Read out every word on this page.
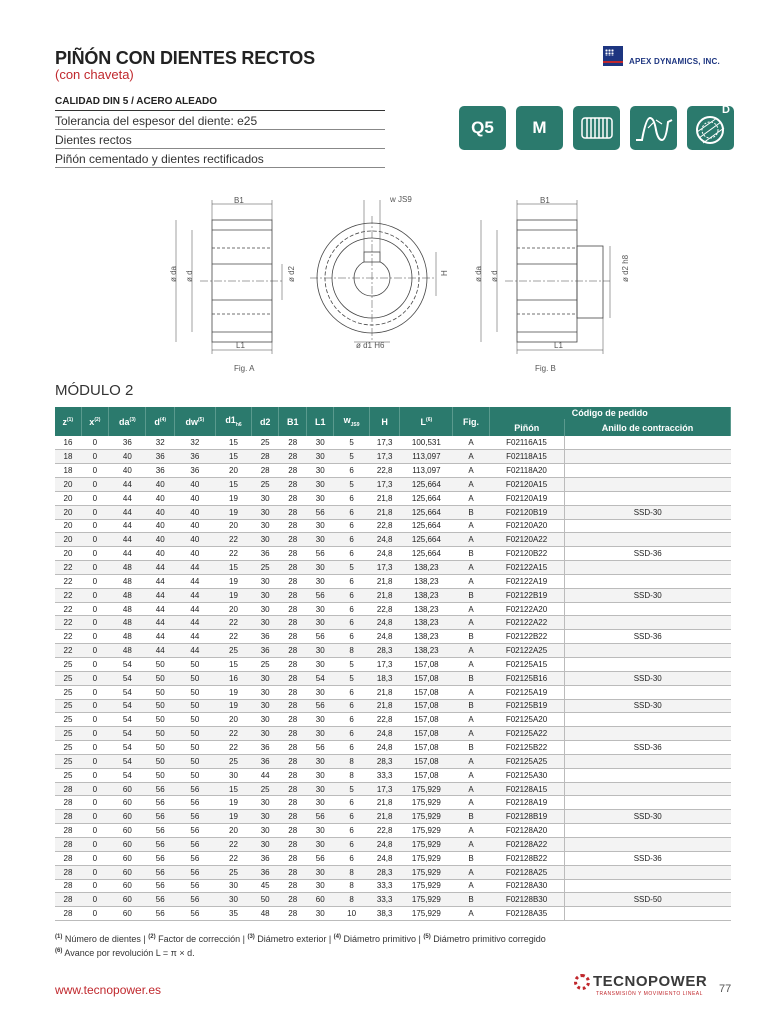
PIÑÓN CON DIENTES RECTOS
(con chaveta)
APEX DYNAMICS, INC.
CALIDAD DIN 5 / ACERO ALEADO
Tolerancia del espesor del diente: e25
Dientes rectos
Piñón cementado y dientes rectificados
Q5	M
D
B1
L1
ø da ø d	ø d2
Fig. A
w JS9
H
ø d1 H6
B1
L1
ø da ø d	ø d2 h8
Fig. B
MÓDULO 2
$z^{(1)}$	$x^{(2)}$	$da^{(3)}$	$d^{(4)}$	$dw^{(5)}$	$d1_{h6}$	d2	B1	L1	$w_{JS9}$	H	$L^{(6)}$	Fig.	Código de pedido	
													Piñón	Anillo de contracción
16	0	36	32	32	15	25	28	30	5	17,3	100,531	A	F02116A15	
18	0	40	36	36	15	28	28	30	5	17,3	113,097	A	F02118A15	
18	0	40	36	36	20	28	28	30	6	22,8	113,097	A	F02118A20	
20	0	44	40	40	15	25	28	30	5	17,3	125,664	A	F02120A15	
20	0	44	40	40	19	30	28	30	6	21,8	125,664	A	F02120A19	
20	0	44	40	40	19	30	28	56	6	21,8	125,664	B	F02120B19	SSD-30
20	0	44	40	40	20	30	28	30	6	22,8	125,664	A	F02120A20	
20	0	44	40	40	22	30	28	30	6	24,8	125,664	A	F02120A22	
20	0	44	40	40	22	36	28	56	6	24,8	125,664	B	F02120B22	SSD-36
22	0	48	44	44	15	25	28	30	5	17,3	138,23	A	F02122A15	
22	0	48	44	44	19	30	28	30	6	21,8	138,23	A	F02122A19	
22	0	48	44	44	19	30	28	56	6	21,8	138,23	B	F02122B19	SSD-30
22	0	48	44	44	20	30	28	30	6	22,8	138,23	A	F02122A20	
22	0	48	44	44	22	30	28	30	6	24,8	138,23	A	F02122A22	
22	0	48	44	44	22	36	28	56	6	24,8	138,23	B	F02122B22	SSD-36
22	0	48	44	44	25	36	28	30	8	28,3	138,23	A	F02122A25	
25	0	54	50	50	15	25	28	30	5	17,3	157,08	A	F02125A15	
25	0	54	50	50	16	30	28	54	5	18,3	157,08	B	F02125B16	SSD-30
25	0	54	50	50	19	30	28	30	6	21,8	157,08	A	F02125A19	
25	0	54	50	50	19	30	28	56	6	21,8	157,08	B	F02125B19	SSD-30
25	0	54	50	50	20	30	28	30	6	22,8	157,08	A	F02125A20	
25	0	54	50	50	22	30	28	30	6	24,8	157,08	A	F02125A22	
25	0	54	50	50	22	36	28	56	6	24,8	157,08	B	F02125B22	SSD-36
25	0	54	50	50	25	36	28	30	8	28,3	157,08	A	F02125A25	
25	0	54	50	50	30	44	28	30	8	33,3	157,08	A	F02125A30	
28	0	60	56	56	15	25	28	30	5	17,3	175,929	A	F02128A15	
28	0	60	56	56	19	30	28	30	6	21,8	175,929	A	F02128A19	
28	0	60	56	56	19	30	28	56	6	21,8	175,929	B	F02128B19	SSD-30
28	0	60	56	56	20	30	28	30	6	22,8	175,929	A	F02128A20	
28	0	60	56	56	22	30	28	30	6	24,8	175,929	A	F02128A22	
28	0	60	56	56	22	36	28	56	6	24,8	175,929	B	F02128B22	SSD-36
28	0	60	56	56	25	36	28	30	8	28,3	175,929	A	F02128A25	
28	0	60	56	56	30	45	28	30	8	33,3	175,929	A	F02128A30	
28	0	60	56	56	30	50	28	60	8	33,3	175,929	B	F02128B30	SSD-50
28	0	60	56	56	35	48	28	30	10	38,3	175,929	A	F02128A35	
$^{(1)}$ Número de dientes | $^{(2)}$ Factor de corrección | $^{(3)}$ Diámetro exterior | $^{(4)}$ Diámetro primitivo | $^{(5)}$ Diámetro primitivo corregido
$^{(6)}$ Avance por revolución L = π × d.
www.tecnopower.es	TECNOPOWER
TRANSMISIÓN Y MOVIMIENTO LINEAL	77
